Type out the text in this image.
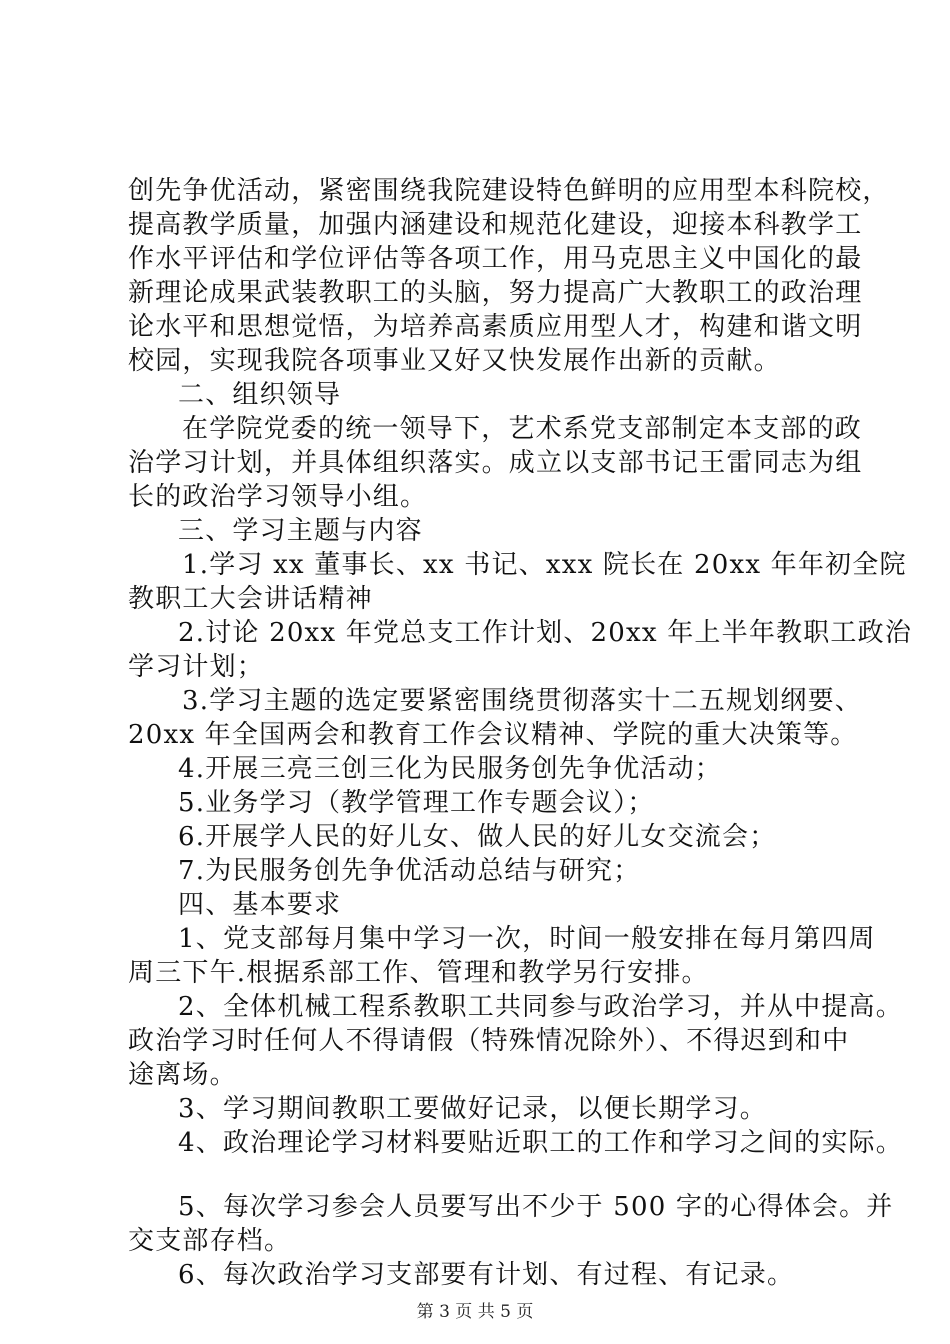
创先争优活动，紧密围绕我院建设特色鲜明的应用型本科院校，
提高教学质量，加强内涵建设和规范化建设，迎接本科教学工
作水平评估和学位评估等各项工作，用马克思主义中国化的最
新理论成果武装教职工的头脑，努力提高广大教职工的政治理
论水平和思想觉悟，为培养高素质应用型人才，构建和谐文明
校园，实现我院各项事业又好又快发展作出新的贡献。
二、组织领导
在学院党委的统一领导下，艺术系党支部制定本支部的政
治学习计划，并具体组织落实。成立以支部书记王雷同志为组
长的政治学习领导小组。
三、学习主题与内容
1.学习 xx 董事长、xx 书记、xxx 院长在 20xx 年年初全院
教职工大会讲话精神
2.讨论 20xx 年党总支工作计划、20xx 年上半年教职工政治
学习计划；
3.学习主题的选定要紧密围绕贯彻落实十二五规划纲要、
20xx 年全国两会和教育工作会议精神、学院的重大决策等。
4.开展三亮三创三化为民服务创先争优活动；
5.业务学习（教学管理工作专题会议）；
6.开展学人民的好儿女、做人民的好儿女交流会；
7.为民服务创先争优活动总结与研究；
四、基本要求
1、党支部每月集中学习一次，时间一般安排在每月第四周
周三下午.根据系部工作、管理和教学另行安排。
2、全体机械工程系教职工共同参与政治学习，并从中提高。
政治学习时任何人不得请假（特殊情况除外）、不得迟到和中
途离场。
3、学习期间教职工要做好记录，以便长期学习。
4、政治理论学习材料要贴近职工的工作和学习之间的实际。
5、每次学习参会人员要写出不少于 500 字的心得体会。并
交支部存档。
6、每次政治学习支部要有计划、有过程、有记录。
第 3 页 共 5 页
